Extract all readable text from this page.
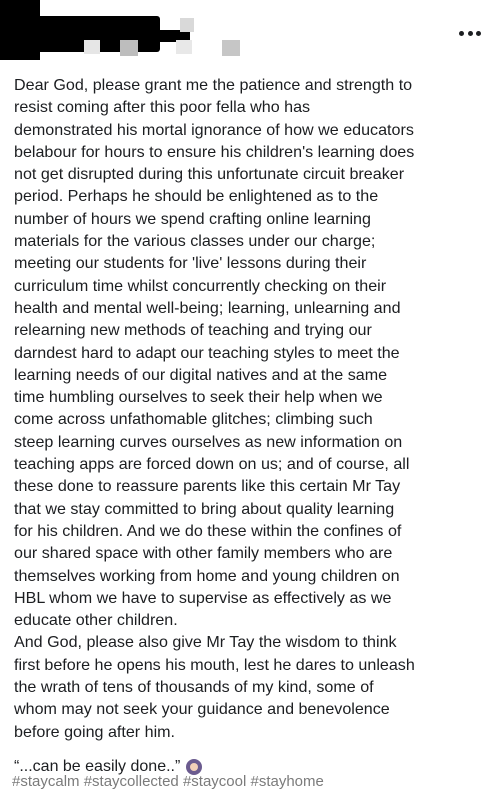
Dear God, please grant me the patience and strength to

resist coming after this poor fella who has

demonstrated his mortal ignorance of how we educators

belabour for hours to ensure his children's learning does

not get disrupted during this unfortunate circuit breaker

period. Perhaps he should be enlightened as to the

number of hours we spend crafting online learning

materials for the various classes under our charge;

meeting our students for 'live' lessons during their

curriculum time whilst concurrently checking on their

health and mental well-being; learning, unlearning and

relearning new methods of teaching and trying our

darndest hard to adapt our teaching styles to meet the

learning needs of our digital natives and at the same

time humbling ourselves to seek their help when we

come across unfathomable glitches; climbing such

steep learning curves ourselves as new information on

teaching apps are forced down on us; and of course, all

these done to reassure parents like this certain Mr Tay

that we stay committed to bring about quality learning

for his children. And we do these within the confines of

our shared space with other family members who are

themselves working from home and young children on

HBL whom we have to supervise as effectively as we

educate other children.

And God, please also give Mr Tay the wisdom to think

first before he opens his mouth, lest he dares to unleash

the wrath of tens of thousands of my kind, some of

whom may not seek your guidance and benevolence

before going after him.

“...can be easily done..”
#staycalm #staycollected #staycool #stayhome
